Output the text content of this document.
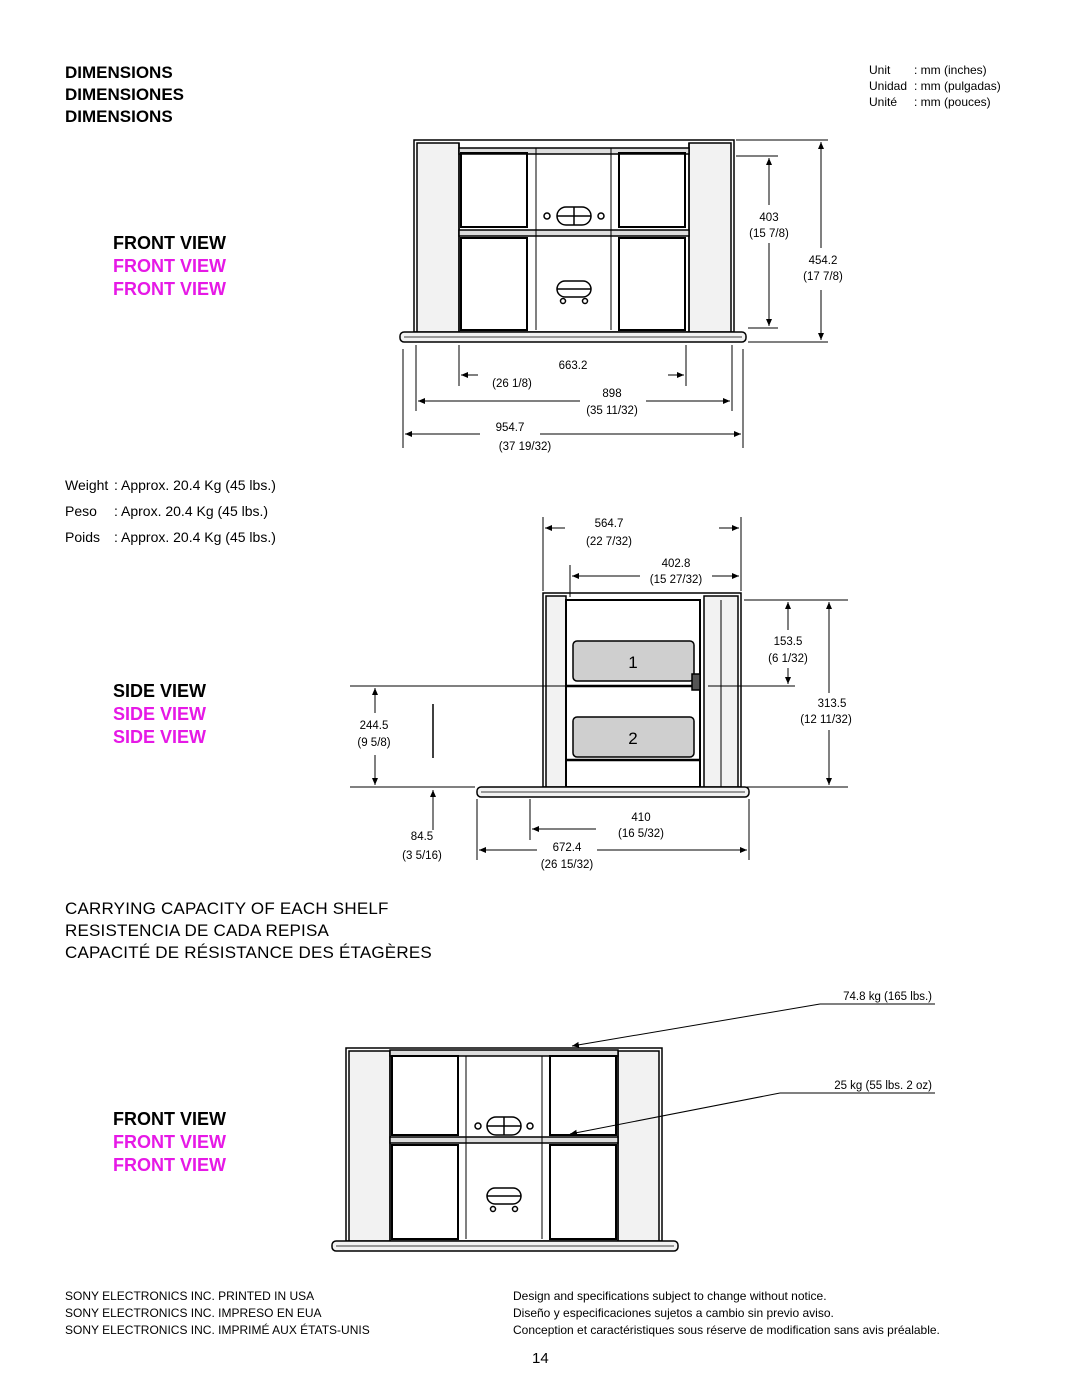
DIMENSIONS
DIMENSIONES
DIMENSIONS
Unit	: mm (inches)
Unidad	: mm (pulgadas)
Unité	: mm (pouces)
FRONT VIEW
FRONT VIEW
FRONT VIEW
Weight	: Approx. 20.4 Kg (45 lbs.)
Peso	: Aprox. 20.4 Kg (45 lbs.)
Poids	: Approx. 20.4 Kg (45 lbs.)
SIDE VIEW
SIDE VIEW
SIDE VIEW
CARRYING CAPACITY OF EACH SHELF
RESISTENCIA DE CADA REPISA
CAPACITÉ DE RÉSISTANCE DES ÉTAGÈRES
FRONT VIEW
FRONT VIEW
FRONT VIEW
403
(15 7/8)
454.2
(17 7/8)
663.2
(26 1/8)
898
(35 11/32)
954.7
(37 19/32)
564.7
(22 7/32)
402.8
(15 27/32)
153.5
(6 1/32)
313.5
(12 11/32)
244.5
(9 5/8)
84.5
(3 5/16)
410
(16 5/32)
672.4
(26 15/32)
1
2
74.8 kg (165 lbs.)
25 kg (55 lbs. 2 oz)
SONY ELECTRONICS INC. PRINTED IN USA
SONY ELECTRONICS INC. IMPRESO EN EUA
SONY ELECTRONICS INC. IMPRIMÉ AUX ÉTATS-UNIS
Design and specifications subject to change without notice.
Diseño y especificaciones sujetos a cambio sin previo aviso.
Conception et caractéristiques sous réserve de modification sans avis préalable.
14
